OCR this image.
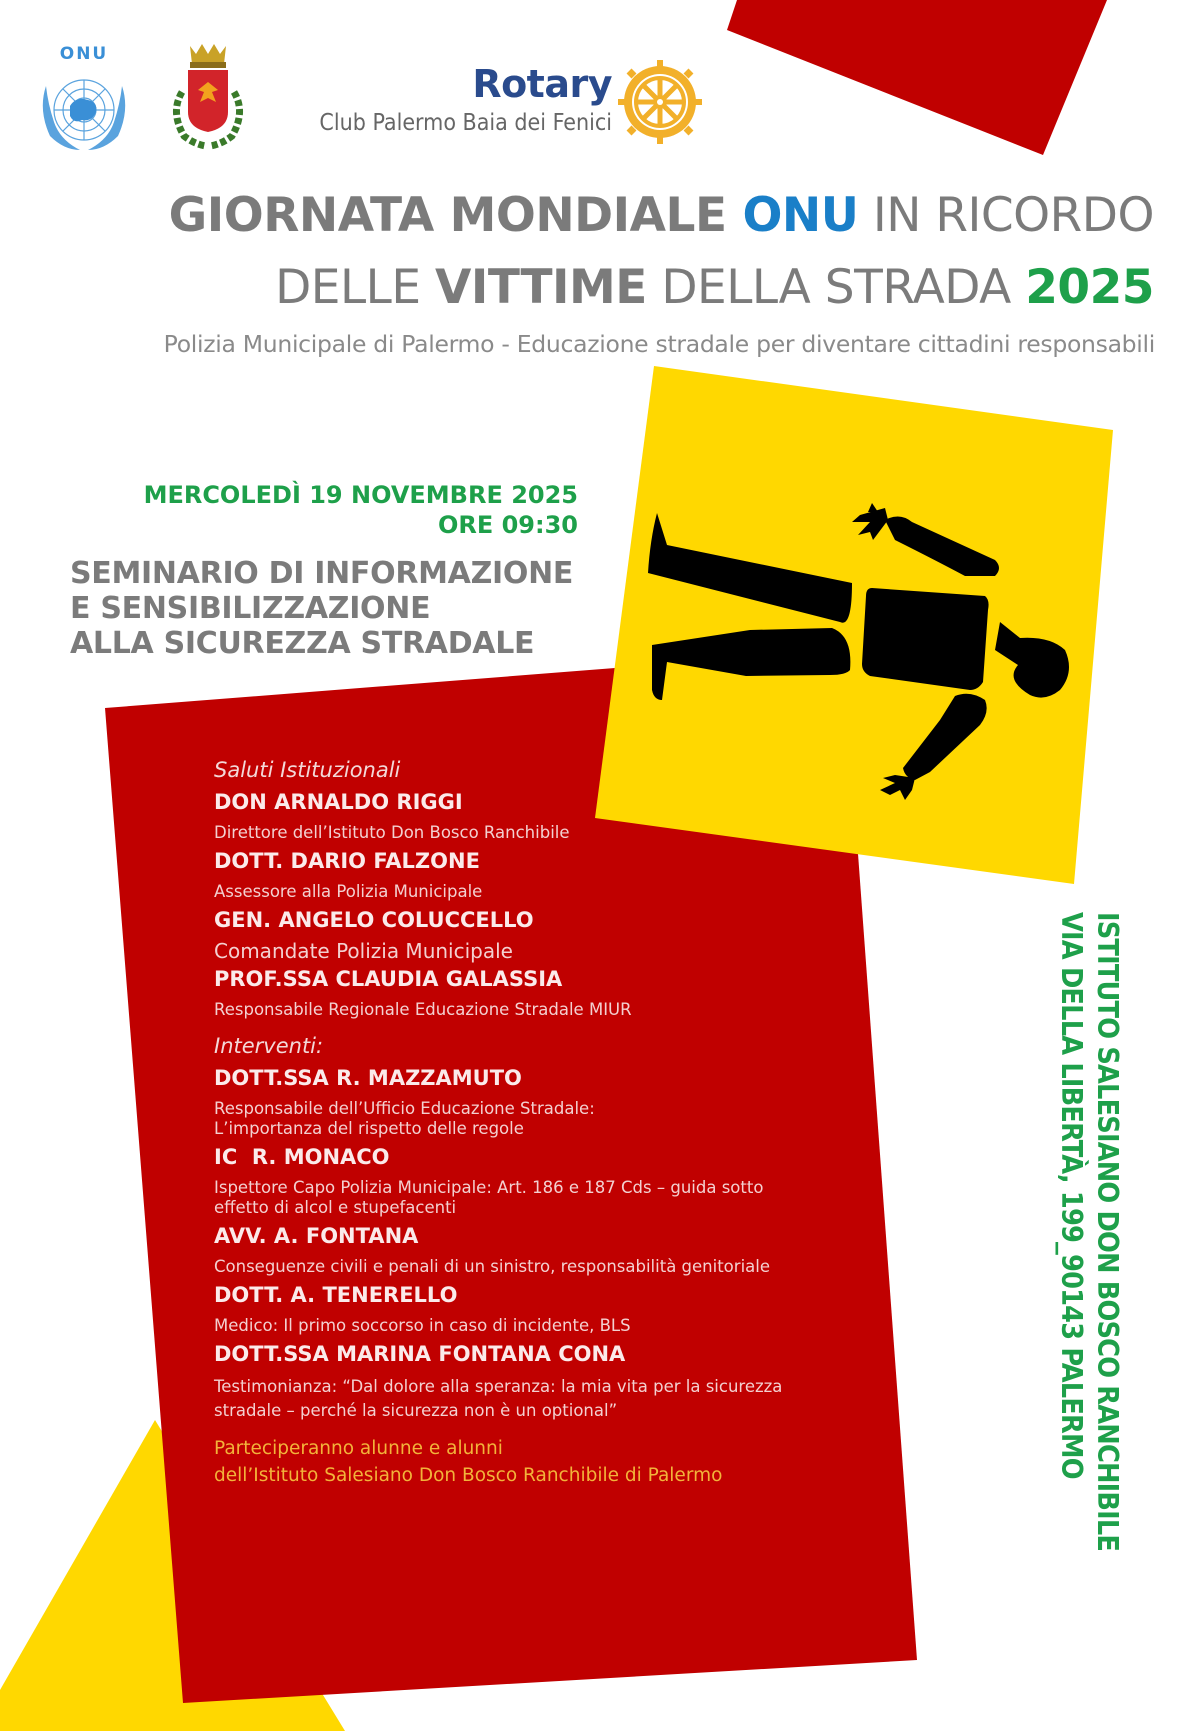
ONU
Rotary
Club Palermo Baia dei Fenici
GIORNATA MONDIALE ONU IN RICORDO
DELLE VITTIME DELLA STRADA 2025
Polizia Municipale di Palermo - Educazione stradale per diventare cittadini responsabili
MERCOLEDÌ 19 NOVEMBRE 2025
ORE 09:30
SEMINARIO DI INFORMAZIONE
E SENSIBILIZZAZIONE
ALLA SICUREZZA STRADALE
Saluti Istituzionali
DON ARNALDO RIGGI
Direttore dell’Istituto Don Bosco Ranchibile
DOTT. DARIO FALZONE
Assessore alla Polizia Municipale
GEN. ANGELO COLUCCELLO
Comandate Polizia Municipale
PROF.SSA CLAUDIA GALASSIA
Responsabile Regionale Educazione Stradale MIUR
Interventi:
DOTT.SSA R. MAZZAMUTO
Responsabile dell’Ufficio Educazione Stradale:
L’importanza del rispetto delle regole
IC  R. MONACO
Ispettore Capo Polizia Municipale: Art. 186 e 187 Cds – guida sotto
effetto di alcol e stupefacenti
AVV. A. FONTANA
Conseguenze civili e penali di un sinistro, responsabilità genitoriale
DOTT. A. TENERELLO
Medico: Il primo soccorso in caso di incidente, BLS
DOTT.SSA MARINA FONTANA CONA
Testimonianza: “Dal dolore alla speranza: la mia vita per la sicurezza
stradale – perché la sicurezza non è un optional”
Parteciperanno alunne e alunni
dell’Istituto Salesiano Don Bosco Ranchibile di Palermo	ISTITUTO SALESIANO DON BOSCO RANCHIBILE
VIA DELLA LIBERTÀ, 199_90143 PALERMO
